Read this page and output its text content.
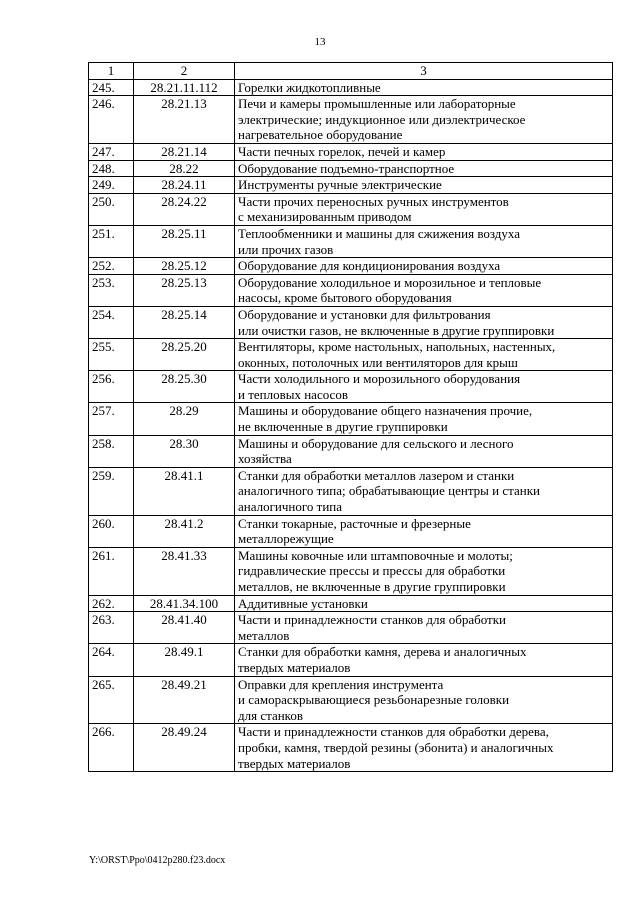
13
1	2	3
245.	28.21.11.112	Горелки жидкотопливные
246.	28.21.13	Печи и камеры промышленные или лабораторные
электрические; индукционное или диэлектрическое
нагревательное оборудование
247.	28.21.14	Части печных горелок, печей и камер
248.	28.22	Оборудование подъемно-транспортное
249.	28.24.11	Инструменты ручные электрические
250.	28.24.22	Части прочих переносных ручных инструментов
с механизированным приводом
251.	28.25.11	Теплообменники и машины для сжижения воздуха
или прочих газов
252.	28.25.12	Оборудование для кондиционирования воздуха
253.	28.25.13	Оборудование холодильное и морозильное и тепловые
насосы, кроме бытового оборудования
254.	28.25.14	Оборудование и установки для фильтрования
или очистки газов, не включенные в другие группировки
255.	28.25.20	Вентиляторы, кроме настольных, напольных, настенных,
оконных, потолочных или вентиляторов для крыш
256.	28.25.30	Части холодильного и морозильного оборудования
и тепловых насосов
257.	28.29	Машины и оборудование общего назначения прочие,
не включенные в другие группировки
258.	28.30	Машины и оборудование для сельского и лесного
хозяйства
259.	28.41.1	Станки для обработки металлов лазером и станки
аналогичного типа; обрабатывающие центры и станки
аналогичного типа
260.	28.41.2	Станки токарные, расточные и фрезерные
металлорежущие
261.	28.41.33	Машины ковочные или штамповочные и молоты;
гидравлические прессы и прессы для обработки
металлов, не включенные в другие группировки
262.	28.41.34.100	Аддитивные установки
263.	28.41.40	Части и принадлежности станков для обработки
металлов
264.	28.49.1	Станки для обработки камня, дерева и аналогичных
твердых материалов
265.	28.49.21	Оправки для крепления инструмента
и самораскрывающиеся резьбонарезные головки
для станков
266.	28.49.24	Части и принадлежности станков для обработки дерева,
пробки, камня, твердой резины (эбонита) и аналогичных
твердых материалов
Y:\ORST\Ppo\0412p280.f23.docx
